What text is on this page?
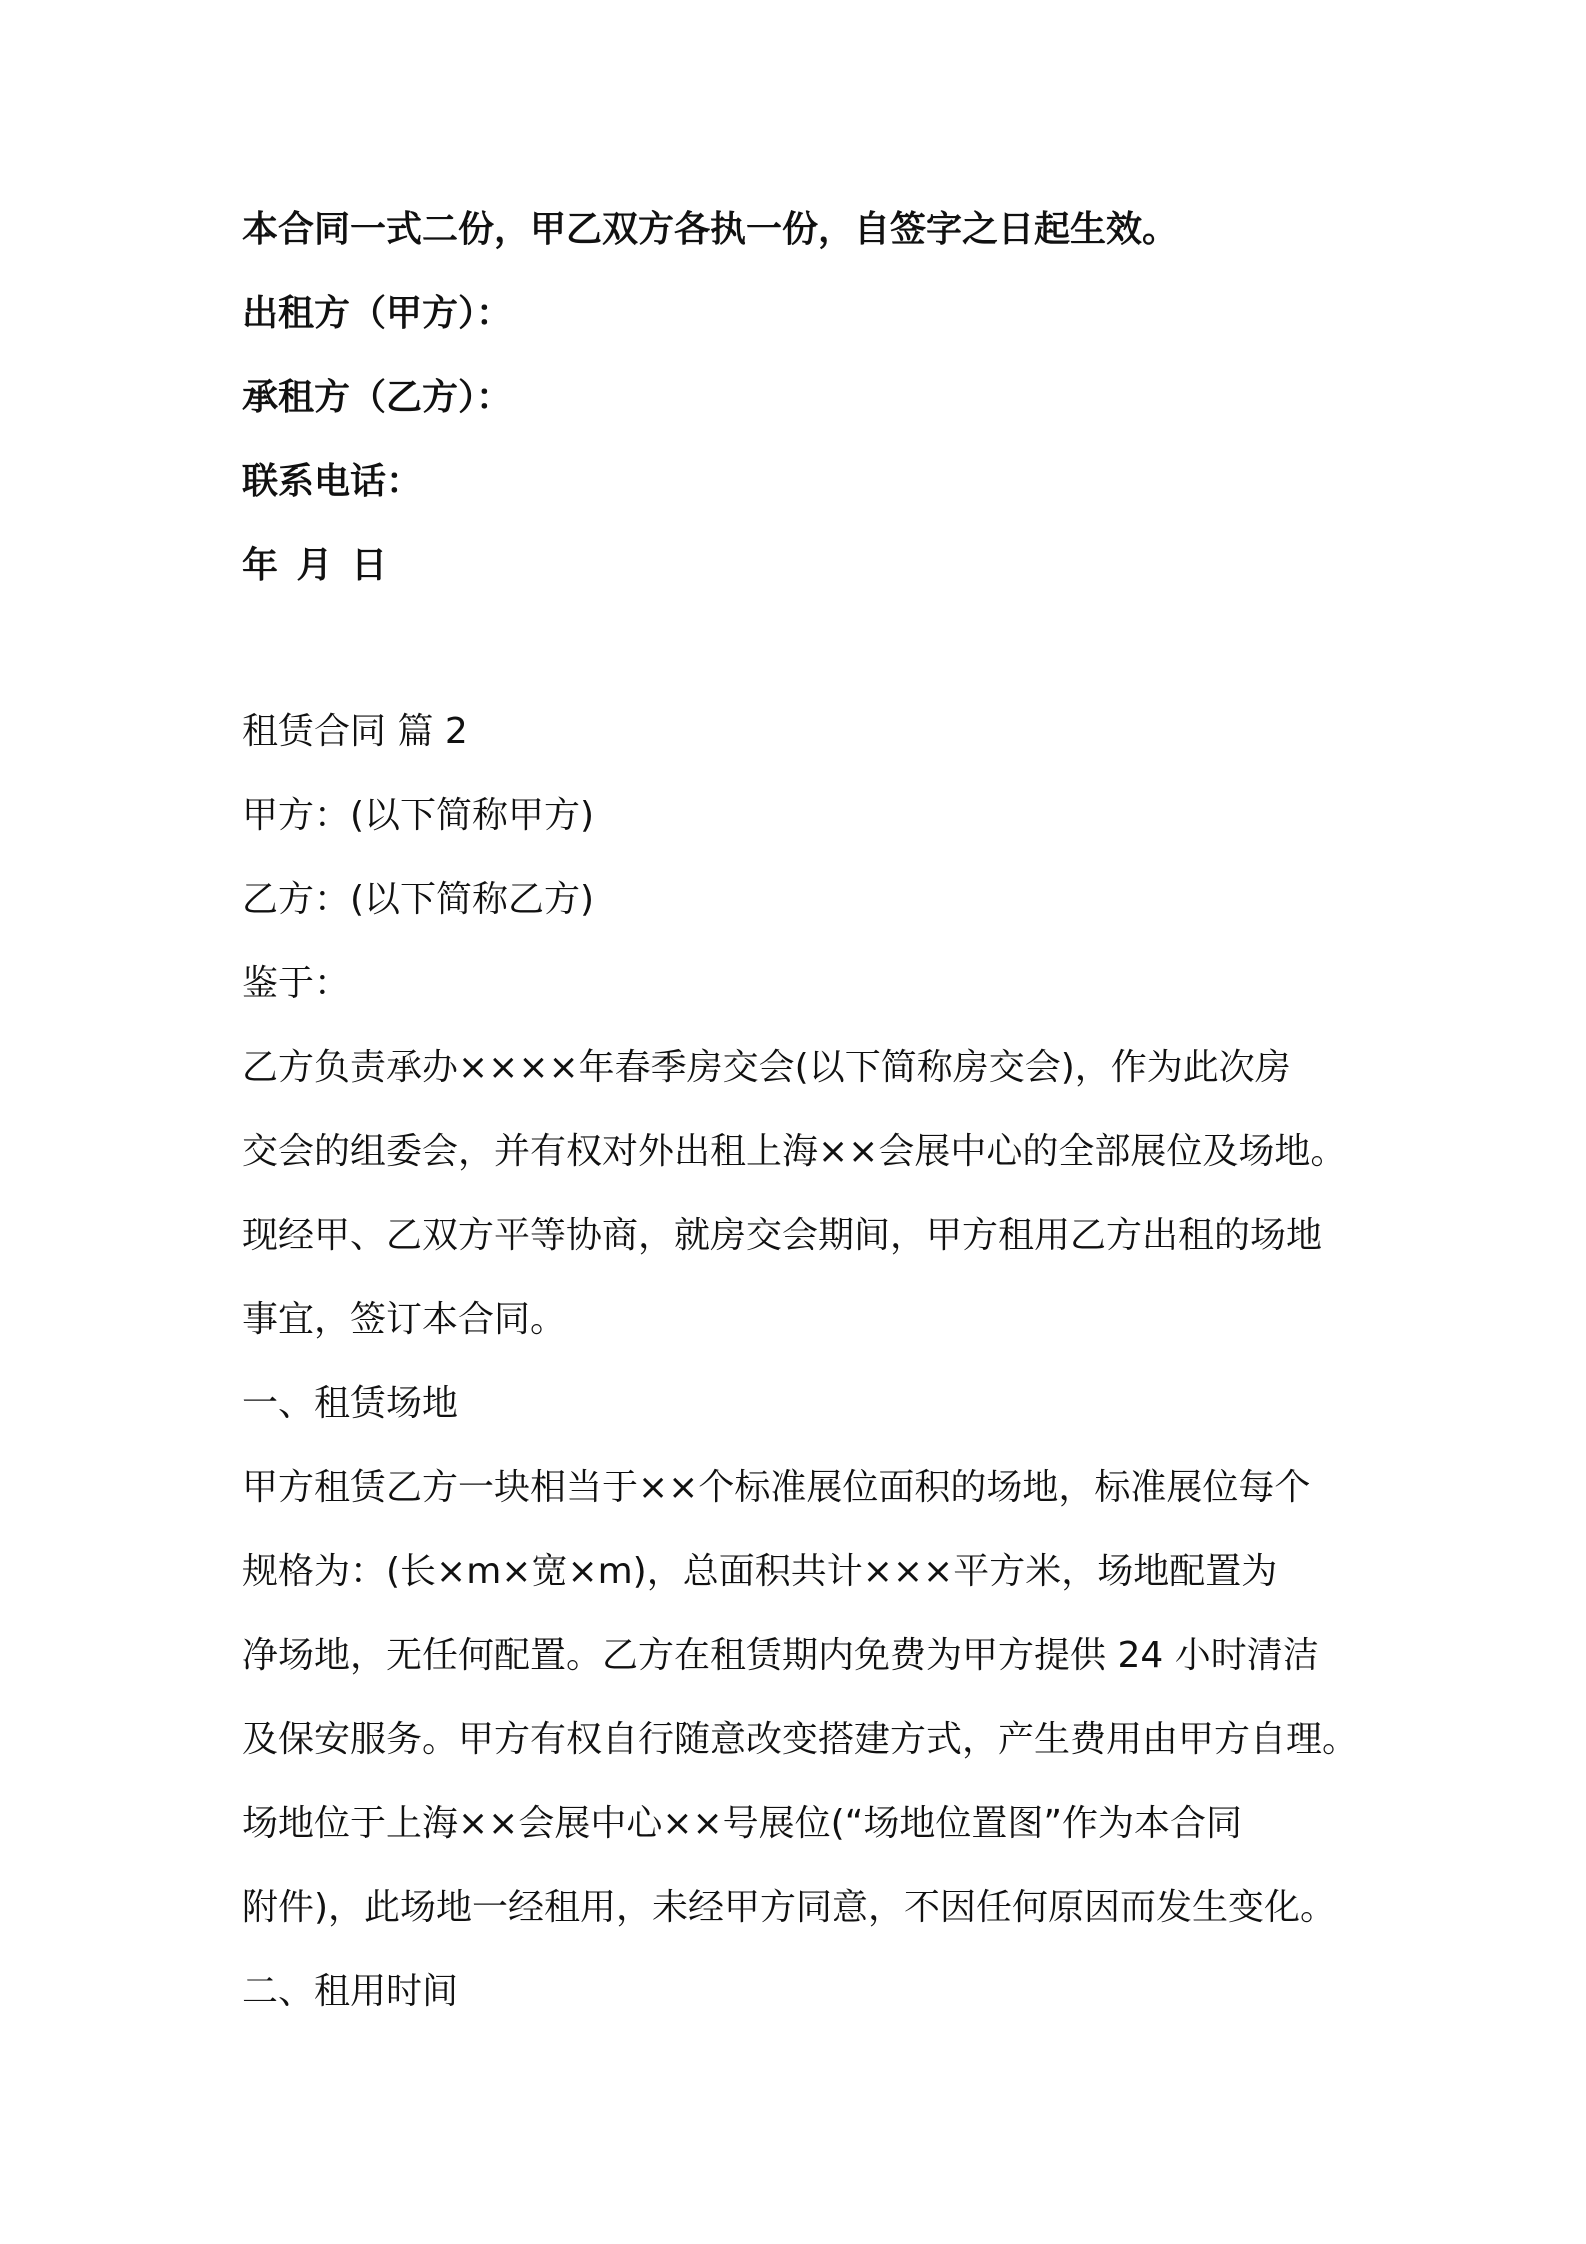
本合同一式二份，甲乙双方各执一份，自签字之日起生效。
出租方（甲方）：
承租方（乙方）：
联系电话：
年 月 日
租赁合同 篇 2
甲方：(以下简称甲方)
乙方：(以下简称乙方)
鉴于：
乙方负责承办××××年春季房交会(以下简称房交会)，作为此次房
交会的组委会，并有权对外出租上海××会展中心的全部展位及场地。
现经甲、乙双方平等协商，就房交会期间，甲方租用乙方出租的场地
事宜，签订本合同。
一、租赁场地
甲方租赁乙方一块相当于××个标准展位面积的场地，标准展位每个
规格为：(长×m×宽×m)，总面积共计×××平方米，场地配置为
净场地，无任何配置。乙方在租赁期内免费为甲方提供 24 小时清洁
及保安服务。甲方有权自行随意改变搭建方式，产生费用由甲方自理。
场地位于上海××会展中心××号展位(“场地位置图”作为本合同
附件)，此场地一经租用，未经甲方同意，不因任何原因而发生变化。
二、租用时间
